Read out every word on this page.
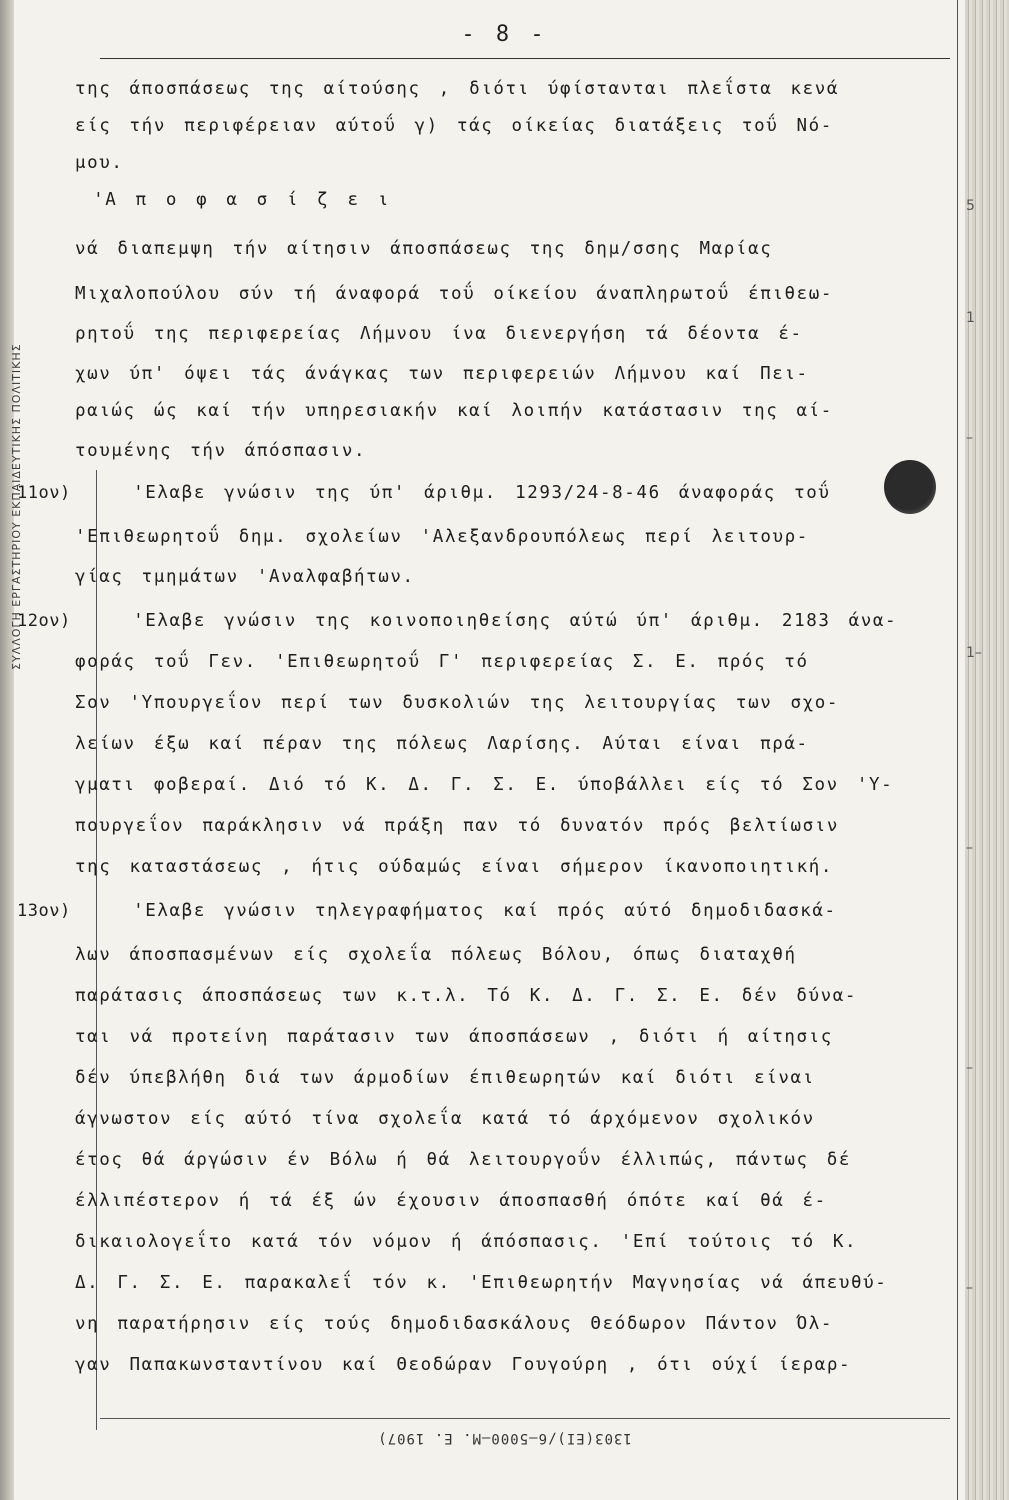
ΣΥΛΛΟΓΗ ΕΡΓΑΣΤΗΡΙΟΥ ΕΚΠΑΙΔΕΥΤΙΚΗΣ ΠΟΛΙΤΙΚΗΣ
- 8 -
5
1
–
1–
–
–
–
της άποσπάσεως της αίτούσης , διότι ύφίστανται πλεΐστα κενά
είς τήν περιφέρειαν αύτοΰ γ) τάς οίκείας διατάξεις τοΰ Νό-
μου.
'Α π ο φ α σ ί ζ ε ι
νά διαπεμψη τήν αίτησιν άποσπάσεως της δημ/σσης Μαρίας
Μιχαλοπούλου σύν τή άναφορά τοΰ οίκείου άναπληρωτοΰ έπιθεω-
ρητοΰ της περιφερείας Λήμνου ίνα διενεργήση τά δέοντα έ-
χων ύπ' όψει τάς άνάγκας των περιφερειών Λήμνου καί Πει-
ραιώς ώς καί τήν υπηρεσιακήν καί λοιπήν κατάστασιν της αί-
τουμένης τήν άπόσπασιν.
11ον)	'Ελαβε γνώσιν της ύπ' άριθμ. 1293/24-8-46 άναφοράς τοΰ
'Επιθεωρητοΰ δημ. σχολείων 'Αλεξανδρουπόλεως περί λειτουρ-
γίας τμημάτων 'Αναλφαβήτων.
12ον)	'Ελαβε γνώσιν της κοινοποιηθείσης αύτώ ύπ' άριθμ. 2183 άνα-
φοράς τοΰ Γεν. 'Επιθεωρητοΰ Γ' περιφερείας Σ. Ε. πρός τό
Σον 'Υπουργεΐον περί των δυσκολιών της λειτουργίας των σχο-
λείων έξω καί πέραν της πόλεως Λαρίσης. Αύται είναι πρά-
γματι φοβεραί. Διό τό Κ. Δ. Γ. Σ. Ε. ύποβάλλει είς τό Σον 'Υ-
πουργεΐον παράκλησιν νά πράξη παν τό δυνατόν πρός βελτίωσιν
της καταστάσεως , ήτις ούδαμώς είναι σήμερον ίκανοποιητική.
13ον)	'Ελαβε γνώσιν τηλεγραφήματος καί πρός αύτό δημοδιδασκά-
λων άποσπασμένων είς σχολεΐα πόλεως Βόλου, όπως διαταχθή
παράτασις άποσπάσεως των κ.τ.λ. Τό Κ. Δ. Γ. Σ. Ε. δέν δύνα-
ται νά προτείνη παράτασιν των άποσπάσεων , διότι ή αίτησις
δέν ύπεβλήθη διά των άρμοδίων έπιθεωρητών καί διότι είναι
άγνωστον είς αύτό τίνα σχολεΐα κατά τό άρχόμενον σχολικόν
έτος θά άργώσιν έν Βόλω ή θά λειτουργοΰν έλλιπώς, πάντως δέ
έλλιπέστερον ή τά έξ ών έχουσιν άποσπασθή όπότε καί θά έ-
δικαιολογεΐτο κατά τόν νόμον ή άπόσπασις. 'Επί τούτοις τό Κ.
Δ. Γ. Σ. Ε. παρακαλεΐ τόν κ. 'Επιθεωρητήν Μαγνησίας νά άπευθύ-
νη παρατήρησιν είς τούς δημοδιδασκάλους Θεόδωρον Πάντον Όλ-
γαν Παπακωνσταντίνου καί Θεοδώραν Γουγούρη , ότι ούχί ίεραρ-
1303(ΕΙ)/6—5000—Μ. Ε. 1907)
